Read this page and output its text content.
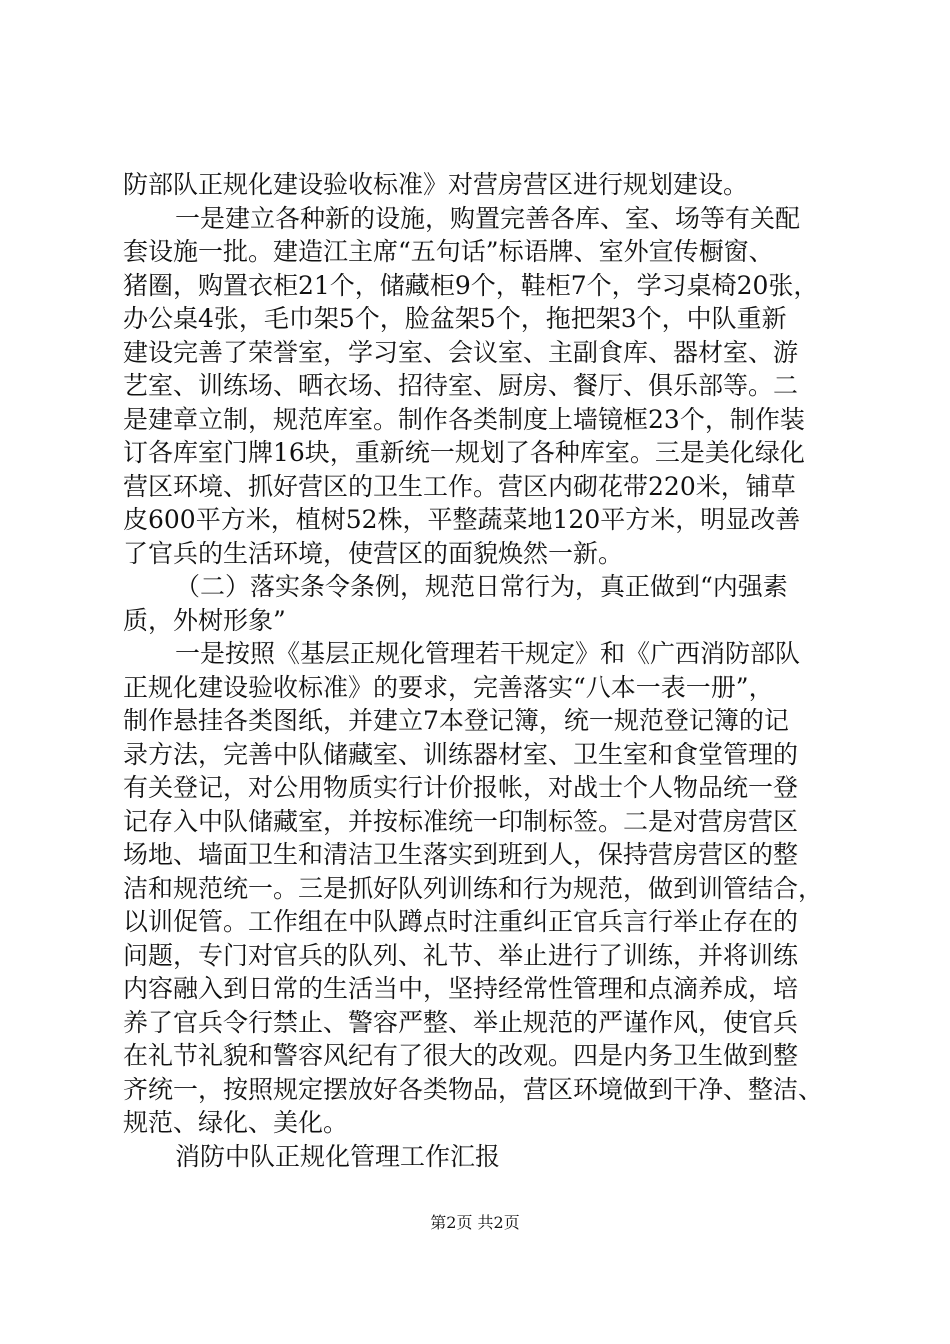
防部队正规化建设验收标准》对营房营区进行规划建设。
一是建立各种新的设施，购置完善各库、室、场等有关配
套设施一批。建造江主席“五句话”标语牌、室外宣传橱窗、
猪圈，购置衣柜21个，储藏柜9个，鞋柜7个，学习桌椅20张，
办公桌4张，毛巾架5个，脸盆架5个，拖把架3个，中队重新
建设完善了荣誉室，学习室、会议室、主副食库、器材室、游
艺室、训练场、晒衣场、招待室、厨房、餐厅、俱乐部等。二
是建章立制，规范库室。制作各类制度上墙镜框23个，制作装
订各库室门牌16块，重新统一规划了各种库室。三是美化绿化
营区环境、抓好营区的卫生工作。营区内砌花带220米，铺草
皮600平方米，植树52株，平整蔬菜地120平方米，明显改善
了官兵的生活环境，使营区的面貌焕然一新。
（二）落实条令条例，规范日常行为，真正做到“内强素
质，外树形象”
一是按照《基层正规化管理若干规定》和《广西消防部队
正规化建设验收标准》的要求，完善落实“八本一表一册”，
制作悬挂各类图纸，并建立7本登记簿，统一规范登记簿的记
录方法，完善中队储藏室、训练器材室、卫生室和食堂管理的
有关登记，对公用物质实行计价报帐，对战士个人物品统一登
记存入中队储藏室，并按标准统一印制标签。二是对营房营区
场地、墙面卫生和清洁卫生落实到班到人，保持营房营区的整
洁和规范统一。三是抓好队列训练和行为规范，做到训管结合，
以训促管。工作组在中队蹲点时注重纠正官兵言行举止存在的
问题，专门对官兵的队列、礼节、举止进行了训练，并将训练
内容融入到日常的生活当中，坚持经常性管理和点滴养成，培
养了官兵令行禁止、警容严整、举止规范的严谨作风，使官兵
在礼节礼貌和警容风纪有了很大的改观。四是内务卫生做到整
齐统一，按照规定摆放好各类物品，营区环境做到干净、整洁、
规范、绿化、美化。
消防中队正规化管理工作汇报
第2页 共2页
